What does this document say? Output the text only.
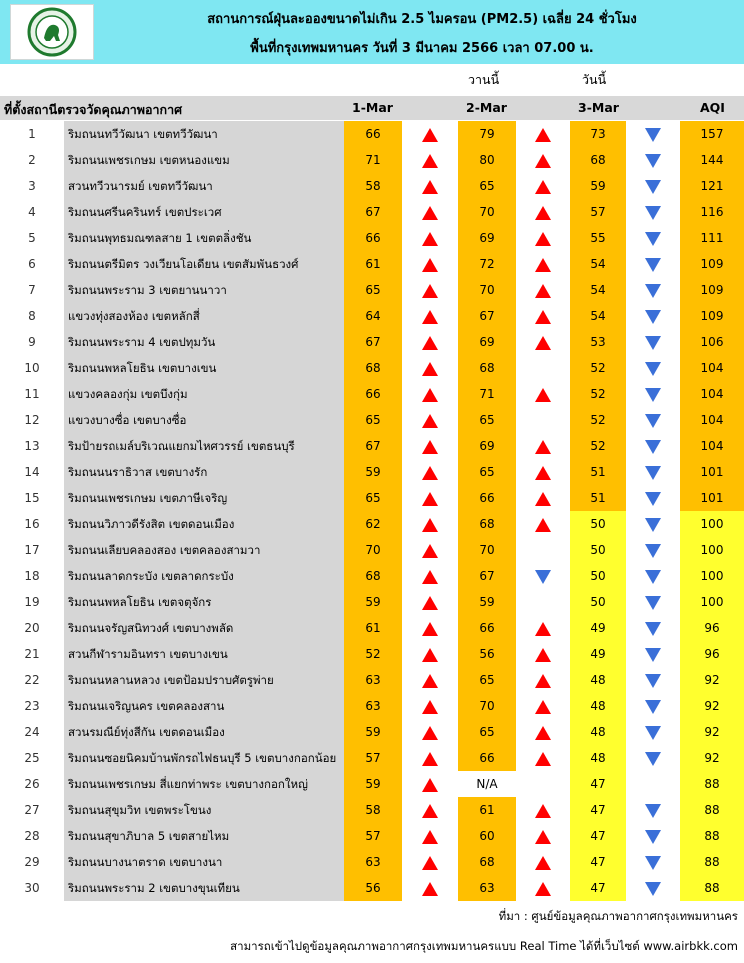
สถานการณ์ฝุ่นละอองขนาดไม่เกิน 2.5 ไมครอน (PM2.5) เฉลี่ย 24 ชั่วโมง
พื้นที่กรุงเทพมหานคร วันที่ 3 มีนาคม 2566 เวลา 07.00 น.
วานนี้	วันนี้
ที่ตั้งสถานีตรวจวัดคุณภาพอากาศ	1-Mar	2-Mar	3-Mar	AQI
1	ริมถนนทวีวัฒนา เขตทวีวัฒนา	66	79	73	157
2	ริมถนนเพชรเกษม เขตหนองแขม	71	80	68	144
3	สวนทวีวนารมย์ เขตทวีวัฒนา	58	65	59	121
4	ริมถนนศรีนครินทร์ เขตประเวศ	67	70	57	116
5	ริมถนนพุทธมณฑลสาย 1 เขตตลิ่งชัน	66	69	55	111
6	ริมถนนตรีมิตร วงเวียนโอเดียน เขตสัมพันธวงศ์	61	72	54	109
7	ริมถนนพระราม 3 เขตยานนาวา	65	70	54	109
8	แขวงทุ่งสองห้อง เขตหลักสี่	64	67	54	109
9	ริมถนนพระราม 4 เขตปทุมวัน	67	69	53	106
10	ริมถนนพหลโยธิน เขตบางเขน	68	68	52	104
11	แขวงคลองกุ่ม เขตบึงกุ่ม	66	71	52	104
12	แขวงบางซื่อ เขตบางซื่อ	65	65	52	104
13	ริมป้ายรถเมล์บริเวณแยกมไหศวรรย์ เขตธนบุรี	67	69	52	104
14	ริมถนนนราธิวาส เขตบางรัก	59	65	51	101
15	ริมถนนเพชรเกษม เขตภาษีเจริญ	65	66	51	101
16	ริมถนนวิภาวดีรังสิต เขตดอนเมือง	62	68	50	100
17	ริมถนนเลียบคลองสอง เขตคลองสามวา	70	70	50	100
18	ริมถนนลาดกระบัง เขตลาดกระบัง	68	67	50	100
19	ริมถนนพหลโยธิน เขตจตุจักร	59	59	50	100
20	ริมถนนจรัญสนิทวงศ์ เขตบางพลัด	61	66	49	96
21	สวนกีฬารามอินทรา เขตบางเขน	52	56	49	96
22	ริมถนนหลานหลวง เขตป้อมปราบศัตรูพ่าย	63	65	48	92
23	ริมถนนเจริญนคร เขตคลองสาน	63	70	48	92
24	สวนรมณีย์ทุ่งสีกัน เขตดอนเมือง	59	65	48	92
25	ริมถนนซอยนิคมบ้านพักรถไฟธนบุรี 5 เขตบางกอกน้อย	57	66	48	92
26	ริมถนนเพชรเกษม สี่แยกท่าพระ เขตบางกอกใหญ่	59	N/A	47	88
27	ริมถนนสุขุมวิท เขตพระโขนง	58	61	47	88
28	ริมถนนสุขาภิบาล 5 เขตสายไหม	57	60	47	88
29	ริมถนนบางนาตราด เขตบางนา	63	68	47	88
30	ริมถนนพระราม 2 เขตบางขุนเทียน	56	63	47	88
ที่มา : ศูนย์ข้อมูลคุณภาพอากาศกรุงเทพมหานคร
สามารถเข้าไปดูข้อมูลคุณภาพอากาศกรุงเทพมหานครแบบ Real Time ได้ที่เว็บไซต์ www.airbkk.com
